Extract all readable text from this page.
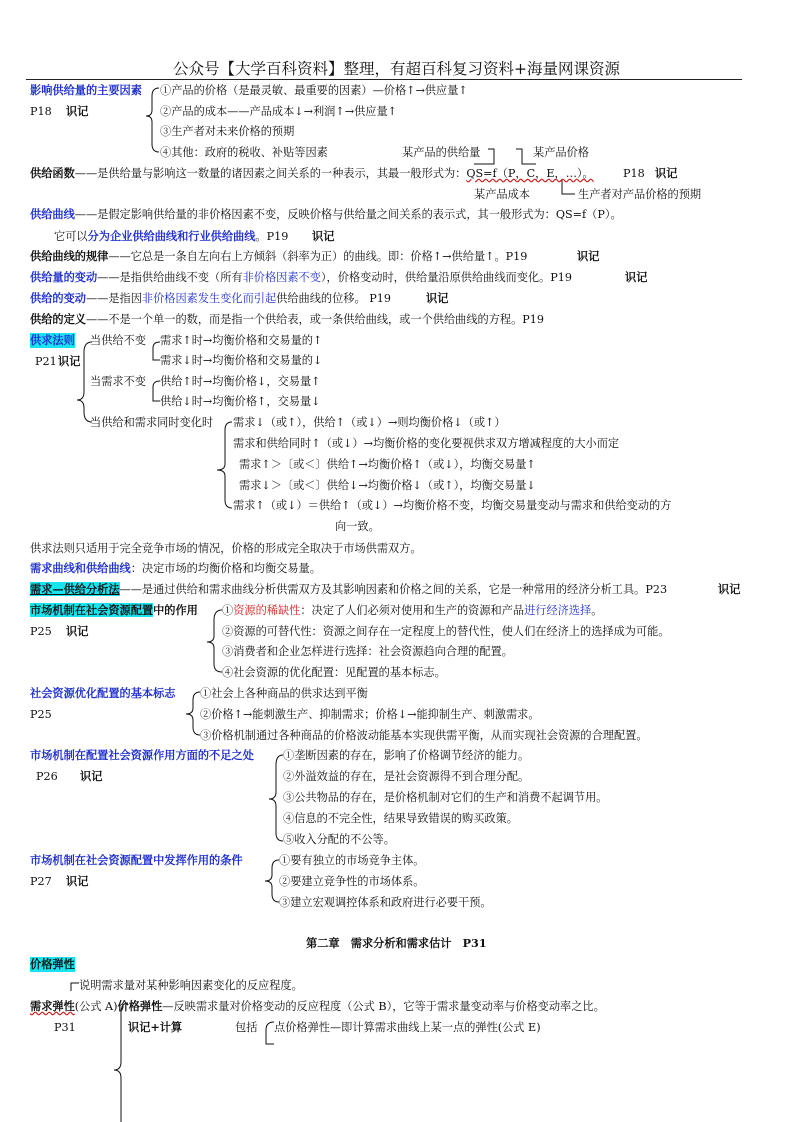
公众号【大学百科资料】整理，有超百科复习资料+海量网课资源
影响供给量的主要因素
P18 识记
①产品的价格（是最灵敏、最重要的因素）—价格↑→供应量↑
②产品的成本——产品成本↓→利润↑→供应量↑
③生产者对未来价格的预期
④其他：政府的税收、补贴等因素	某产品的供给量	某产品价格
供给函数——是供给量与影响这一数量的诸因素之间关系的一种表示，其最一般形式为：QS=f（P，C，E，…）。	P18 识记
某产品成本	生产者对产品价格的预期
供给曲线——是假定影响供给量的非价格因素不变，反映价格与供给量之间关系的表示式，其一般形式为：QS=f（P）。
它可以分为企业供给曲线和行业供给曲线。P19 识记
供给曲线的规律——它总是一条自左向右上方倾斜（斜率为正）的曲线。即：价格↑→供给量↑。P19	识记
供给量的变动——是指供给曲线不变（所有非价格因素不变），价格变动时，供给量沿原供给曲线而变化。P19	识记
供给的变动——是指因非价格因素发生变化而引起供给曲线的位移。 P19	识记
供给的定义——不是一个单一的数，而是指一个供给表，或一条供给曲线，或一个供给曲线的方程。P19
供求法则
P21 识记
当供给不变 需求↑时→均衡价格和交易量的↑
需求↓时→均衡价格和交易量的↓
当需求不变 供给↑时→均衡价格↓，交易量↑
供给↓时→均衡价格↑，交易量↓
当供给和需求同时变化时 需求↓（或↑），供给↑（或↓）→则均衡价格↓（或↑）
需求和供给同时↑（或↓）→均衡价格的变化要视供求双方增减程度的大小而定
需求↑＞〔或＜〕供给↑→均衡价格↑（或↓），均衡交易量↑
需求↓＞〔或＜〕供给↓→均衡价格↓（或↑），均衡交易量↓
需求↑（或↓）＝供给↑（或↓）→均衡价格不变，均衡交易量变动与需求和供给变动的方
向一致。
供求法则只适用于完全竞争市场的情况，价格的形成完全取决于市场供需双方。
需求曲线和供给曲线：决定市场的均衡价格和均衡交易量。
需求—供给分析法——是通过供给和需求曲线分析供需双方及其影响因素和价格之间的关系，它是一种常用的经济分析工具。P23	识记
市场机制在社会资源配置中的作用
P25 识记
①资源的稀缺性：决定了人们必须对使用和生产的资源和产品进行经济选择。
②资源的可替代性：资源之间存在一定程度上的替代性，使人们在经济上的选择成为可能。
③消费者和企业怎样进行选择：社会资源趋向合理的配置。
④社会资源的优化配置：见配置的基本标志。
社会资源优化配置的基本标志
P25
①社会上各种商品的供求达到平衡
②价格↑→能刺激生产、抑制需求；价格↓→能抑制生产、刺激需求。
③价格机制通过各种商品的价格波动能基本实现供需平衡，从而实现社会资源的合理配置。
市场机制在配置社会资源作用方面的不足之处
P26 识记
①垄断因素的存在，影响了价格调节经济的能力。
②外溢效益的存在，是社会资源得不到合理分配。
③公共物品的存在，是价格机制对它们的生产和消费不起调节用。
④信息的不完全性，结果导致错误的购买政策。
⑤收入分配的不公等。
市场机制在社会资源配置中发挥作用的条件
P27 识记
①要有独立的市场竞争主体。
②要建立竞争性的市场体系。
③建立宏观调控体系和政府进行必要干预。
第二章　需求分析和需求估计　P31
价格弹性
说明需求量对某种影响因素变化的反应程度。
需求弹性(公式 A)价格弹性—反映需求量对价格变动的反应程度（公式 B），它等于需求量变动率与价格变动率之比。
P31	识记+计算	包括 点价格弹性—即计算需求曲线上某一点的弹性(公式 E)
